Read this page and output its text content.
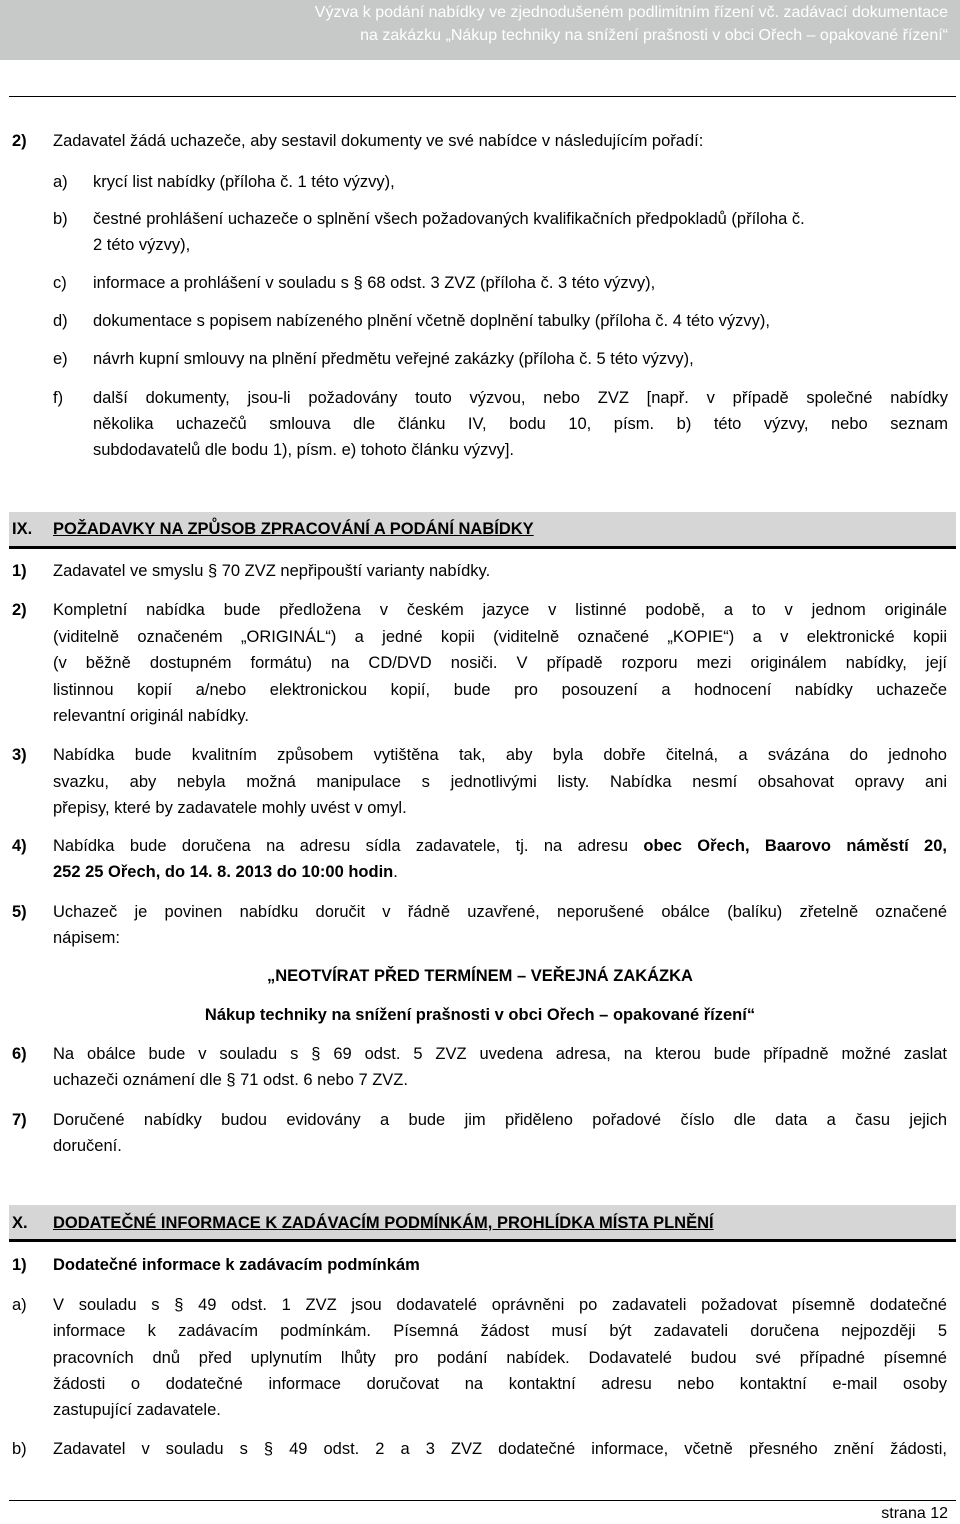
Výzva k podání nabídky ve zjednodušeném podlimitním řízení vč. zadávací dokumentace
na zakázku „Nákup techniky na snížení prašnosti v obci Ořech – opakované řízení“
2) Zadavatel žádá uchazeče, aby sestavil dokumenty ve své nabídce v následujícím pořadí:
a) krycí list nabídky (příloha č. 1 této výzvy),
b) čestné prohlášení uchazeče o splnění všech požadovaných kvalifikačních předpokladů (příloha č.
2 této výzvy),
c) informace a prohlášení v souladu s § 68 odst. 3 ZVZ (příloha č. 3 této výzvy),
d) dokumentace s popisem nabízeného plnění včetně doplnění tabulky (příloha č. 4 této výzvy),
e) návrh kupní smlouvy na plnění předmětu veřejné zakázky (příloha č. 5 této výzvy),
f) další dokumenty, jsou-li požadovány touto výzvou, nebo ZVZ [např. v případě společné nabídky
několika uchazečů smlouva dle článku IV, bodu 10, písm. b) této výzvy, nebo seznam
subdodavatelů dle bodu 1), písm. e) tohoto článku výzvy].
IX. POŽADAVKY NA ZPŮSOB ZPRACOVÁNÍ A PODÁNÍ NABÍDKY
1) Zadavatel ve smyslu § 70 ZVZ nepřipouští varianty nabídky.
2) Kompletní nabídka bude předložena v českém jazyce v listinné podobě, a to v jednom originále
(viditelně označeném „ORIGINÁL“) a jedné kopii (viditelně označené „KOPIE“) a v elektronické kopii
(v běžně dostupném formátu) na CD/DVD nosiči. V případě rozporu mezi originálem nabídky, její
listinnou kopií a/nebo elektronickou kopií, bude pro posouzení a hodnocení nabídky uchazeče
relevantní originál nabídky.
3) Nabídka bude kvalitním způsobem vytištěna tak, aby byla dobře čitelná, a svázána do jednoho
svazku, aby nebyla možná manipulace s jednotlivými listy. Nabídka nesmí obsahovat opravy ani
přepisy, které by zadavatele mohly uvést v omyl.
4) Nabídka bude doručena na adresu sídla zadavatele, tj. na adresu obec Ořech, Baarovo náměstí 20,
252 25 Ořech, do 14. 8. 2013 do 10:00 hodin.
5) Uchazeč je povinen nabídku doručit v řádně uzavřené, neporušené obálce (balíku) zřetelně označené
nápisem:
„NEOTVÍRAT PŘED TERMÍNEM – VEŘEJNÁ ZAKÁZKA
Nákup techniky na snížení prašnosti v obci Ořech – opakované řízení“
6) Na obálce bude v souladu s § 69 odst. 5 ZVZ uvedena adresa, na kterou bude případně možné zaslat
uchazeči oznámení dle § 71 odst. 6 nebo 7 ZVZ.
7) Doručené nabídky budou evidovány a bude jim přiděleno pořadové číslo dle data a času jejich
doručení.
X. DODATEČNÉ INFORMACE K ZADÁVACÍM PODMÍNKÁM, PROHLÍDKA MÍSTA PLNĚNÍ
1) Dodatečné informace k zadávacím podmínkám
a) V souladu s § 49 odst. 1 ZVZ jsou dodavatelé oprávněni po zadavateli požadovat písemně dodatečné
informace k zadávacím podmínkám. Písemná žádost musí být zadavateli doručena nejpozději 5
pracovních dnů před uplynutím lhůty pro podání nabídek. Dodavatelé budou své případné písemné
žádosti o dodatečné informace doručovat na kontaktní adresu nebo kontaktní e-mail osoby
zastupující zadavatele.
b) Zadavatel v souladu s § 49 odst. 2 a 3 ZVZ dodatečné informace, včetně přesného znění žádosti,
strana 12
